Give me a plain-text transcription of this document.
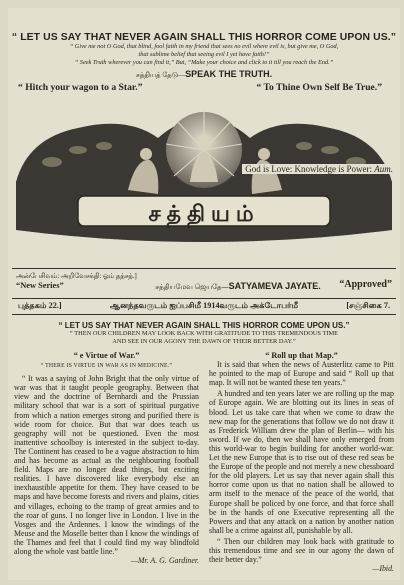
“ LET US SAY THAT NEVER AGAIN SHALL THIS HORROR COME UPON US.”
“ Give me not O God, that blind, fool faith in my friend that sees no evil where evil is, but give me, O God,
that sublime belief that seeing evil I yet have faith!”
“ Seek Truth wherever you can find it,” But, “Make your choice and click to it till you reach the End.”
சத்தியத் தேடு—SPEAK THE TRUTH.
“ Hitch your wagon to a Star.”	“ To Thine Own Self Be True.”
சத்தியம்
God is Love: Knowledge is Power: Aum.
அன்பேசிவம்: அறிவேசக்தி: ஓம் தத்சத்.]
“New Series”	சத்தியமேவ ஜெயதே—SATYAMEVA JAYATE. “Approved”
புத்தகம் 22.]	ஆனந்தவருடம் ஐப்பசிமீ 1914வருடம் அக்டோபர்மீ	[சஞ்சிகை 7.
“ LET US SAY THAT NEVER AGAIN SHALL THIS HORROR COME UPON US.”
“ THEN OUR CHILDREN MAY LOOK BACK WITH GRATITUDE TO THIS TREMENDOUS TIME
AND SEE IN OUR AGONY THE DAWN OF THEIR BETTER DAY.”
“ e Virtue of War.”
“ THERE IS VIRTUE IN WAR AS IN MEDICINE.”

“ It was a saying of John Bright that the only virtue of war was that it taught people geography. Between that view and the doctrine of Bernhardi and the Prussian military school that war is a sort of spiritual purgative from which a nation emerges strong and purified there is wide room for choice. But that war does teach us geography will not be questioned. Even the most inattentive schoolboy is interested in the subject to-day. The Continent has ceased to be a vague abstraction to him and has become as actual as the neighbouring football field. Maps are no longer dead things, but exciting realities. I have discovered like everybody else an inexhaustible appetite for them. They have ceased to be maps and have become forests and rivers and plains, cities and villages, echoing to the tramp of great armies and to the roar of guns. I no longer live in London. I live in the Vosges and the Ardennes. I know the windings of the Meuse and the Moselle better than I know the windings of the Thames and feel that I could find my way blindfold along the whole vast battle line.”

—Mr. A. G. Gardiner.
“ Roll up that Map.”

It is said that when the news of Austerlitz came to Pitt he pointed to the map of Europe and said “ Roll up that map. It will not be wanted these ten years.”

A hundred and ten years later we are rolling up the map of Europe again. We are blotting out its lines in seas of blood. Let us take care that when we come to draw the new map for the generations that follow we do not draw it as Frederick William drew the plan of Berlin— with his sword. If we do, then we shall have only emerged from this world-war to begin building for another world-war. Let the new Europe that is to rise out of these red seas be the Europe of the people and not merely a new chessboard for the old players. Let us say that never again shall this horror come upon us that no nation shall be allowed to arm itself to the menace of the peace of the world, that Europe shall be policed by one force, and that force shall be in the hands of one Executive representing all the Powers and that any attack on a nation by another nation shall be a crime against all, punishable by all.

“ Then our children may look back with gratitude to this tremendous time and see in our agony the dawn of their better day.”

—Ibid.
